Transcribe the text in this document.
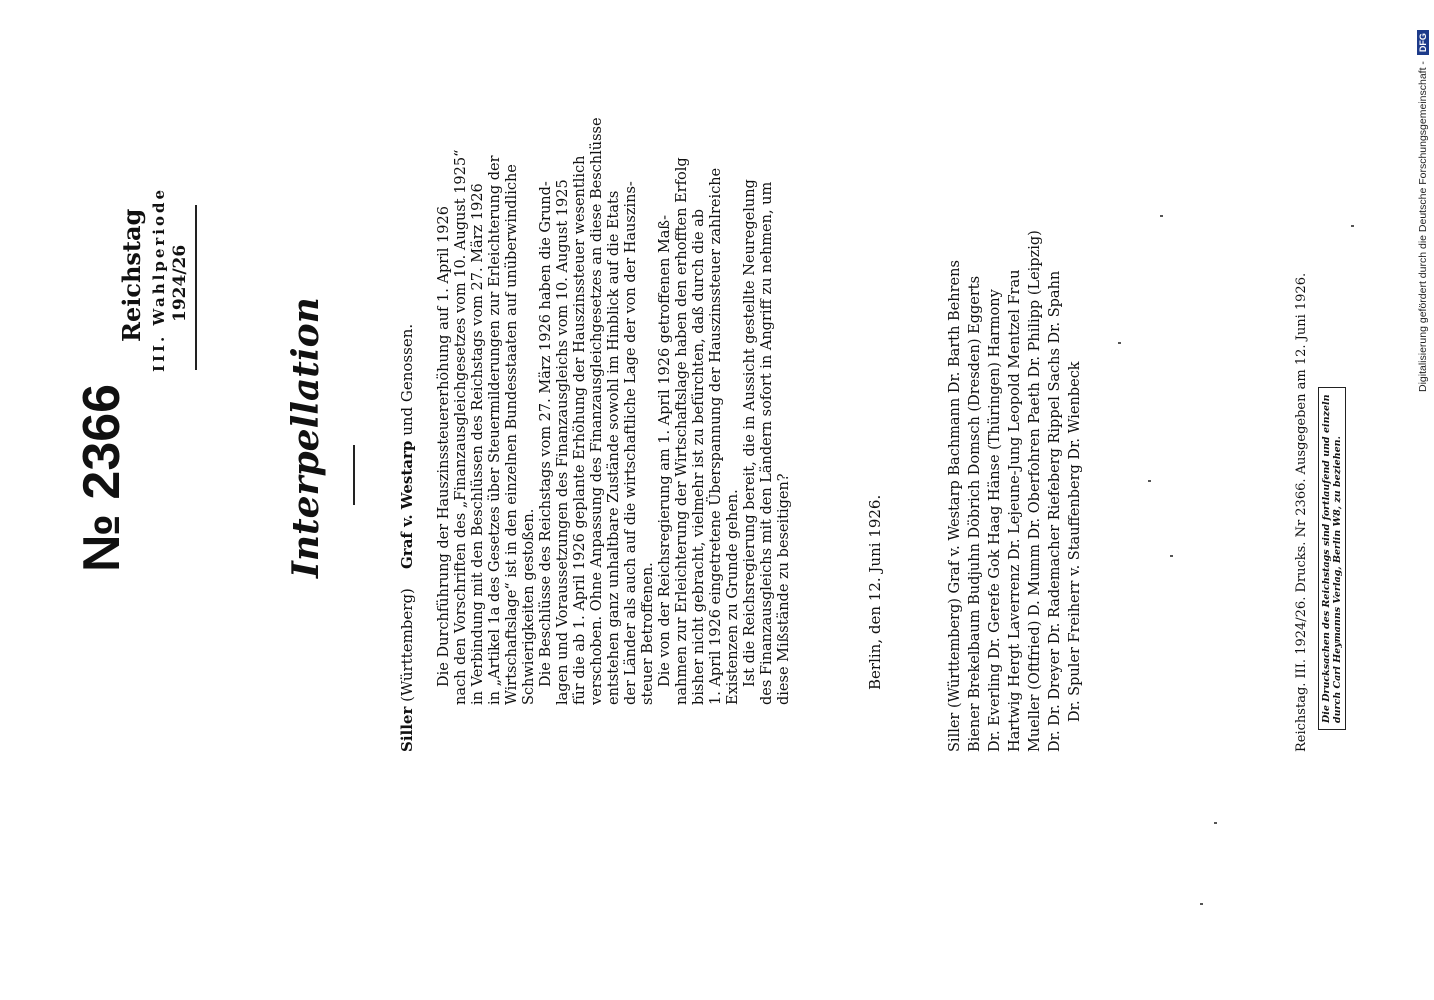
№ 2366
Reichstag III. Wahlperiode 1924/26
Interpellation
Siller (Württemberg)    Graf v. Westarp und Genossen. Die Durchführung der Hauszinssteuererhöhung auf 1. April 1926 nach den Vorschriften des „Finanzausgleichgesetzes vom 10. August 1925“ in Verbindung mit den Beschlüssen des Reichstags vom 27. März 1926 in „Artikel 1a des Gesetzes über Steuermilderungen zur Erleichterung der Wirtschaftslage“ ist in den einzelnen Bundesstaaten auf unüberwindliche Schwierigkeiten gestoßen. Die Beschlüsse des Reichstags vom 27. März 1926 haben die Grund- lagen und Voraussetzungen des Finanzausgleichs vom 10. August 1925 für die ab 1. April 1926 geplante Erhöhung der Hauszinssteuer wesentlich verschoben. Ohne Anpassung des Finanzausgleichgesetzes an diese Beschlüsse entstehen ganz unhaltbare Zustände sowohl im Hinblick auf die Etats der Länder als auch auf die wirtschaftliche Lage der von der Hauszins- steuer Betroffenen. Die von der Reichsregierung am 1. April 1926 getroffenen Maß- nahmen zur Erleichterung der Wirtschaftslage haben den erhofften Erfolg bisher nicht gebracht, vielmehr ist zu befürchten, daß durch die ab 1. April 1926 eingetretene Überspannung der Hauszinssteuer zahlreiche Existenzen zu Grunde gehen. Ist die Reichsregierung bereit, die in Aussicht gestellte Neuregelung des Finanzausgleichs mit den Ländern sofort in Angriff zu nehmen, um diese Mißstände zu beseitigen?	Berlin, den 12. Juni 1926.	Siller (Württemberg) Graf v. Westarp Bachmann Dr. Barth Behrens Biener Brekelbaum Budjuhn Döbrich Domsch (Dresden) Eggerts Dr. Everling Dr. Gerefe Gok Haag Hänse (Thüringen) Harmony Hartwig Hergt Laverrenz Dr. Lejeune-Jung Leopold Mentzel Frau Mueller (Oftfried) D. Mumm Dr. Oberfohren Paeth Dr. Philipp (Leipzig) Dr. Dr. Dreyer Dr. Rademacher Riefeberg Rippel Sachs Dr. Spahn Dr. Spuler Freiherr v. Stauffenberg Dr. Wienbeck	Reichstag. III. 1924/26. Drucks. Nr 2366. Ausgegeben am 12. Juni 1926. Die Drucksachen des Reichstags sind fortlaufend und einzeln durch Carl Heymanns Verlag, Berlin W8, zu beziehen.
Digitalisierung gefördert durch die Deutsche Forschungsgemeinschaft - DFG
